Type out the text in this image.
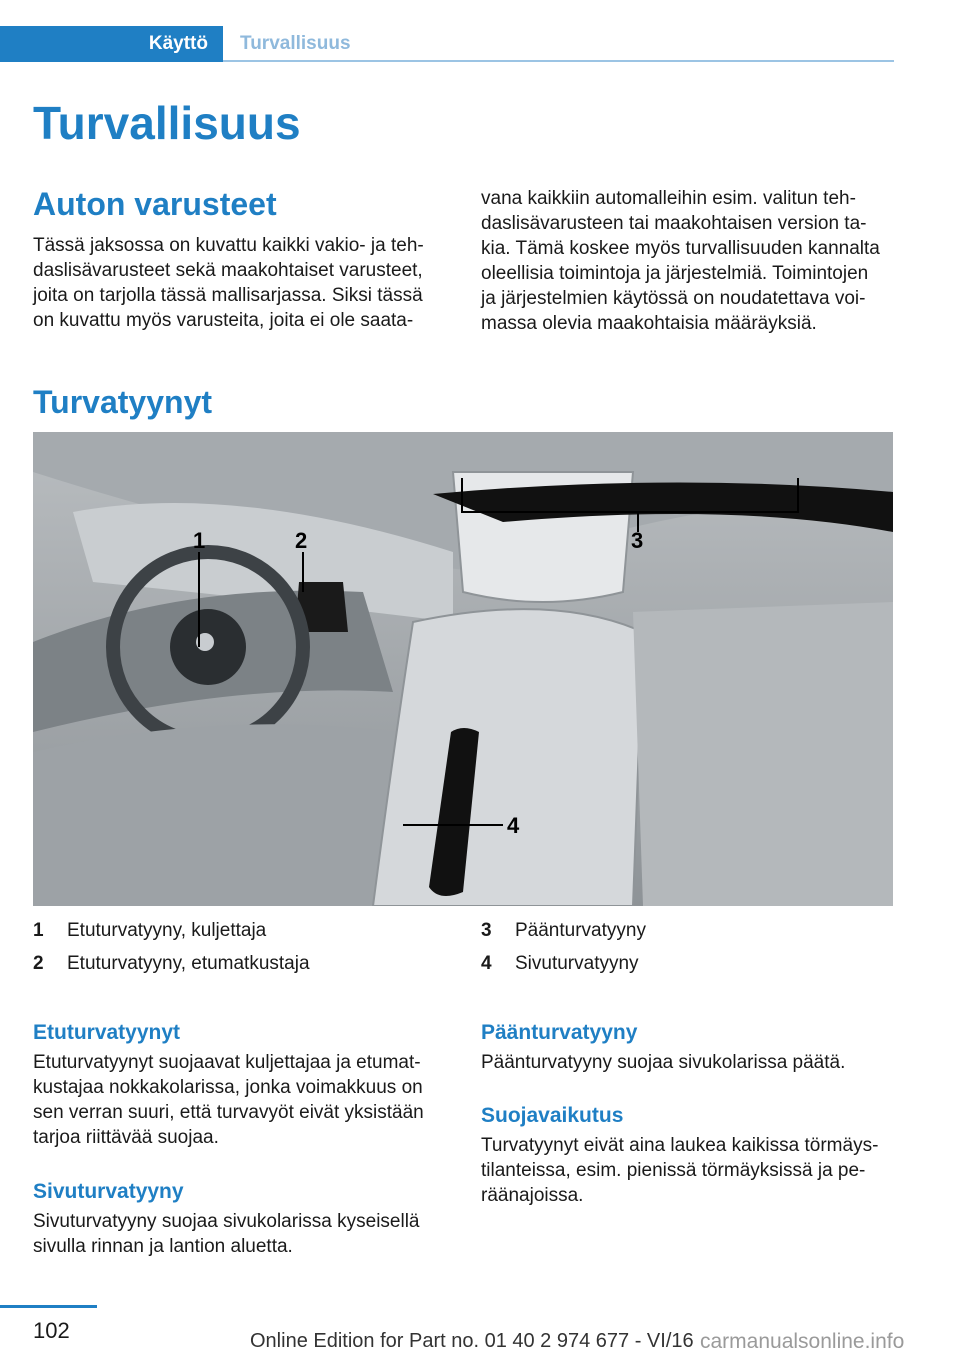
Käyttö	Turvallisuus
Turvallisuus
Auton varusteet
Tässä jaksossa on kuvattu kaikki vakio- ja teh-
daslisävarusteet sekä maakohtaiset varusteet,
joita on tarjolla tässä mallisarjassa. Siksi tässä
on kuvattu myös varusteita, joita ei ole saata-
vana kaikkiin automalleihin esim. valitun teh-
daslisävarusteen tai maakohtaisen version ta-
kia. Tämä koskee myös turvallisuuden kannalta
oleellisia toimintoja ja järjestelmiä. Toimintojen
ja järjestelmien käytössä on noudatettava voi-
massa olevia maakohtaisia määräyksiä.
Turvatyynyt
1	2	3
4
1 Etuturvatyyny, kuljettaja
2 Etuturvatyyny, etumatkustaja
3 Päänturvatyyny
4 Sivuturvatyyny
Etuturvatyynyt
Etuturvatyynyt suojaavat kuljettajaa ja etumat-
kustajaa nokkakolarissa, jonka voimakkuus on
sen verran suuri, että turvavyöt eivät yksistään
tarjoa riittävää suojaa.
Sivuturvatyyny
Sivuturvatyyny suojaa sivukolarissa kyseisellä
sivulla rinnan ja lantion aluetta.
Päänturvatyyny
Päänturvatyyny suojaa sivukolarissa päätä.
Suojavaikutus
Turvatyynyt eivät aina laukea kaikissa törmäys-
tilanteissa, esim. pienissä törmäyksissä ja pe-
räänajoissa.
102	Online Edition for Part no. 01 40 2 974 677 - VI/16 carmanualsonline.info
